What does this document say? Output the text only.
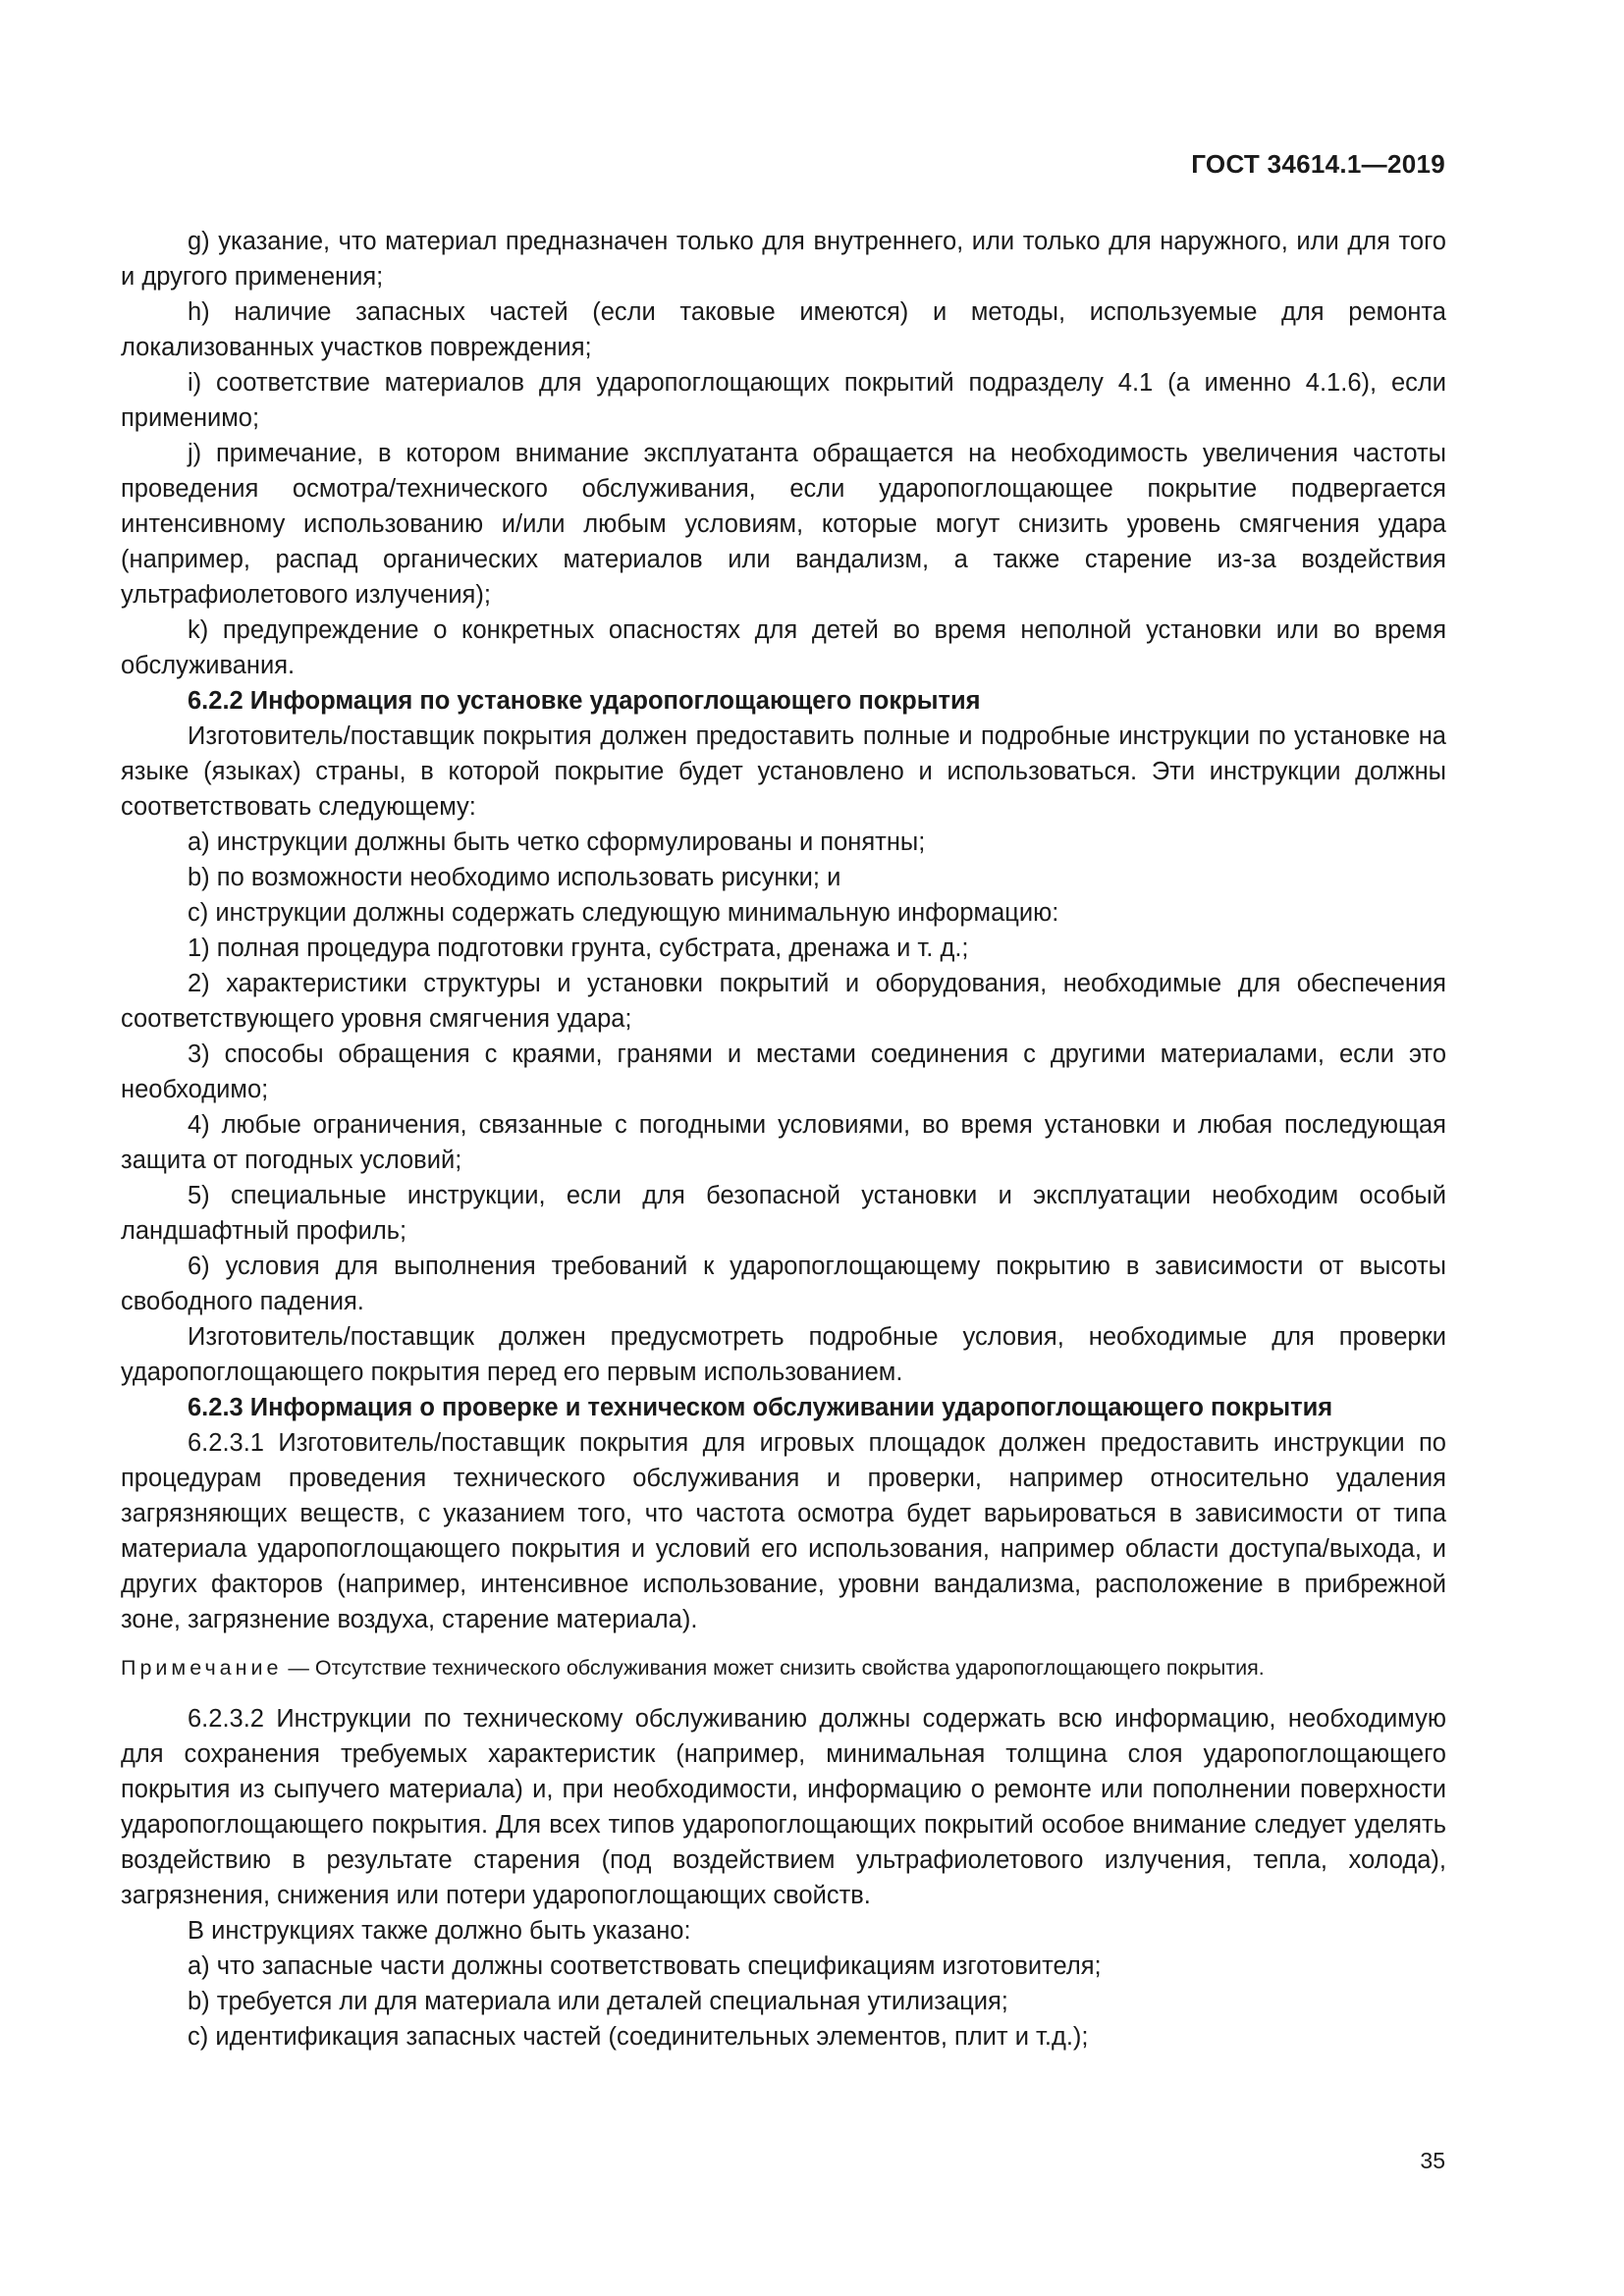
ГОСТ 34614.1—2019

g) указание, что материал предназначен только для внутреннего, или только для наружного, или для того и другого применения;

h) наличие запасных частей (если таковые имеются) и методы, используемые для ремонта локализованных участков повреждения;

i) соответствие материалов для ударопоглощающих покрытий подразделу 4.1 (а именно 4.1.6), если применимо;

j) примечание, в котором внимание эксплуатанта обращается на необходимость увеличения частоты проведения осмотра/технического обслуживания, если ударопоглощающее покрытие подвергается интенсивному использованию и/или любым условиям, которые могут снизить уровень смягчения удара (например, распад органических материалов или вандализм, а также старение из-за воздействия ультрафиолетового излучения);

k) предупреждение о конкретных опасностях для детей во время неполной установки или во время обслуживания.

6.2.2 Информация по установке ударопоглощающего покрытия

Изготовитель/поставщик покрытия должен предоставить полные и подробные инструкции по установке на языке (языках) страны, в которой покрытие будет установлено и использоваться. Эти инструкции должны соответствовать следующему:

а) инструкции должны быть четко сформулированы и понятны;

b) по возможности необходимо использовать рисунки; и

с) инструкции должны содержать следующую минимальную информацию:

1) полная процедура подготовки грунта, субстрата, дренажа и т. д.;

2) характеристики структуры и установки покрытий и оборудования, необходимые для обеспечения соответствующего уровня смягчения удара;

3) способы обращения с краями, гранями и местами соединения с другими материалами, если это необходимо;

4) любые ограничения, связанные с погодными условиями, во время установки и любая последующая защита от погодных условий;

5) специальные инструкции, если для безопасной установки и эксплуатации необходим особый ландшафтный профиль;

6) условия для выполнения требований к ударопоглощающему покрытию в зависимости от высоты свободного падения.

Изготовитель/поставщик должен предусмотреть подробные условия, необходимые для проверки ударопоглощающего покрытия перед его первым использованием.

6.2.3 Информация о проверке и техническом обслуживании ударопоглощающего покрытия

6.2.3.1 Изготовитель/поставщик покрытия для игровых площадок должен предоставить инструкции по процедурам проведения технического обслуживания и проверки, например относительно удаления загрязняющих веществ, с указанием того, что частота осмотра будет варьироваться в зависимости от типа материала ударопоглощающего покрытия и условий его использования, например области доступа/выхода, и других факторов (например, интенсивное использование, уровни вандализма, расположение в прибрежной зоне, загрязнение воздуха, старение материала).

Примечание — Отсутствие технического обслуживания может снизить свойства ударопоглощающего покрытия.

6.2.3.2 Инструкции по техническому обслуживанию должны содержать всю информацию, необходимую для сохранения требуемых характеристик (например, минимальная толщина слоя ударопоглощающего покрытия из сыпучего материала) и, при необходимости, информацию о ремонте или пополнении поверхности ударопоглощающего покрытия. Для всех типов ударопоглощающих покрытий особое внимание следует уделять воздействию в результате старения (под воздействием ультрафиолетового излучения, тепла, холода), загрязнения, снижения или потери ударопоглощающих свойств.

В инструкциях также должно быть указано:

а) что запасные части должны соответствовать спецификациям изготовителя;

b) требуется ли для материала или деталей специальная утилизация;

с) идентификация запасных частей (соединительных элементов, плит и т.д.);

35
